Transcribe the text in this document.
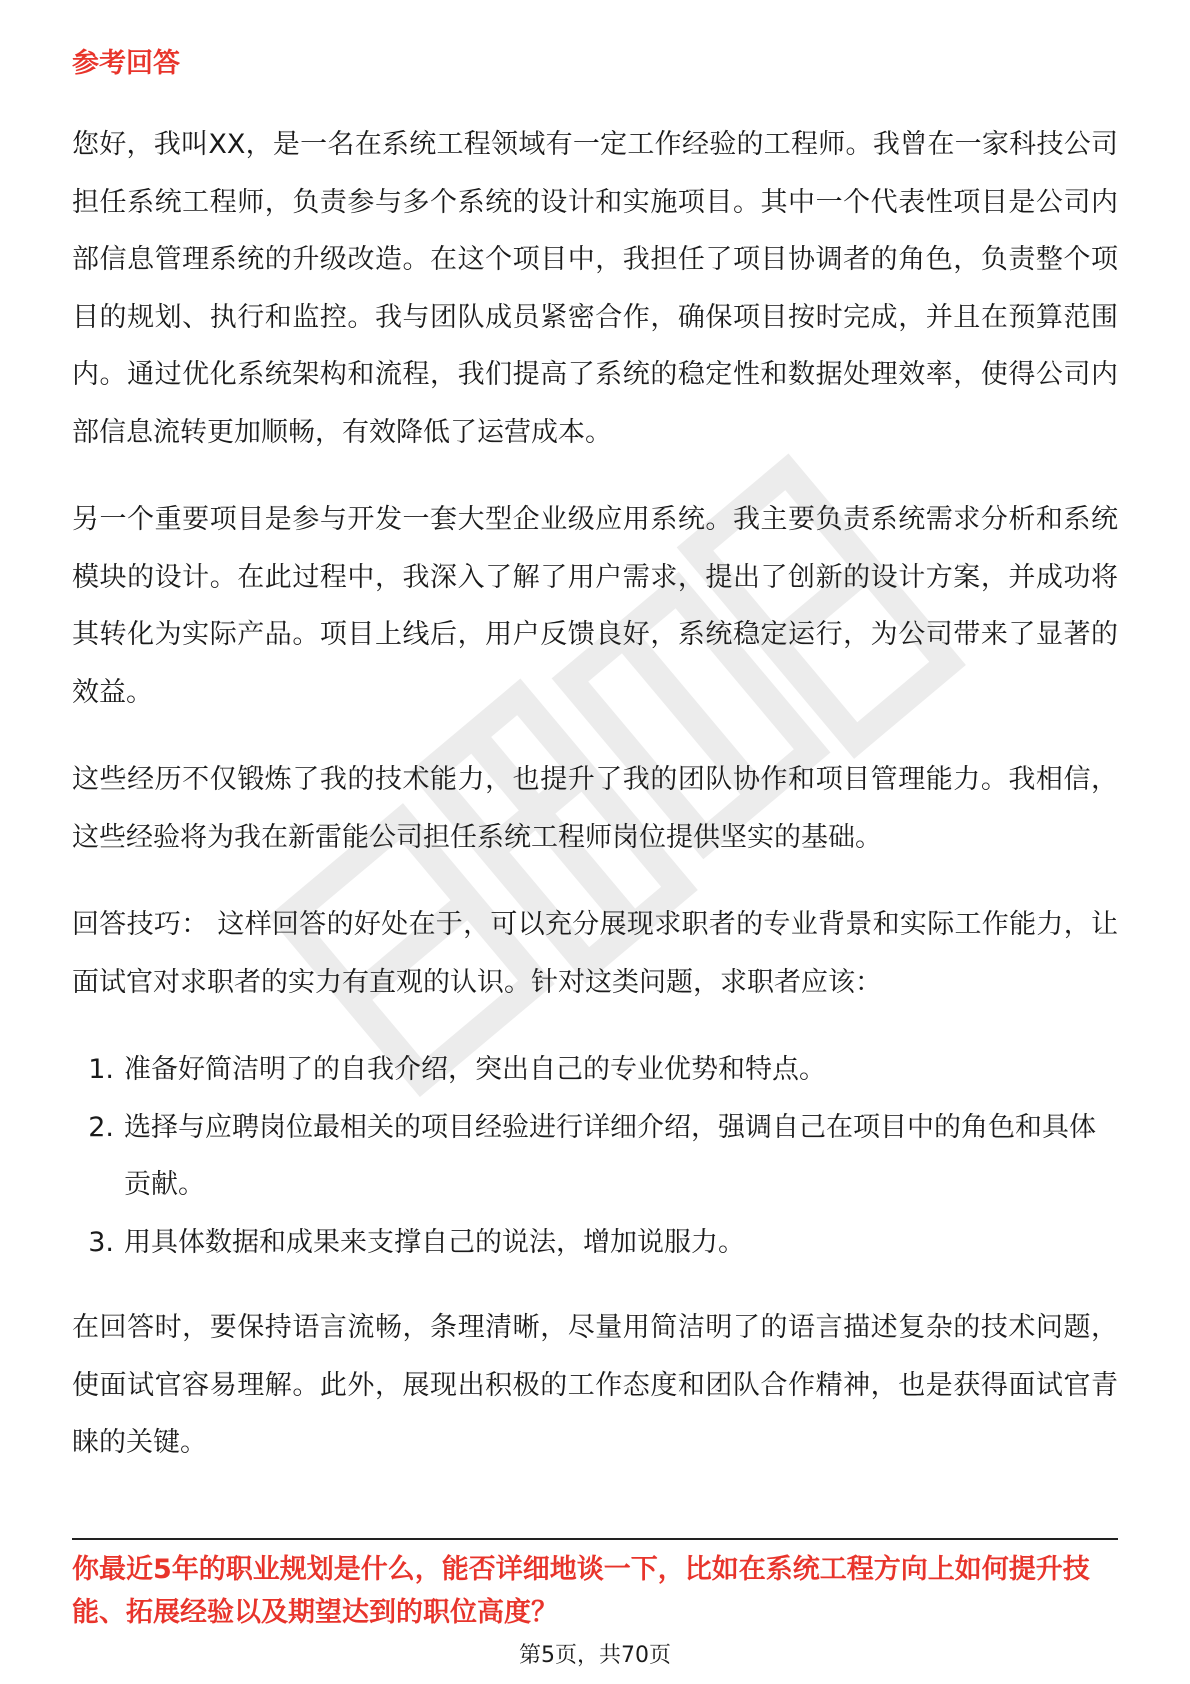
参考回答

您好，我叫XX，是一名在系统工程领域有一定工作经验的工程师。我曾在一家科技公司担任系统工程师，负责参与多个系统的设计和实施项目。其中一个代表性项目是公司内部信息管理系统的升级改造。在这个项目中，我担任了项目协调者的角色，负责整个项目的规划、执行和监控。我与团队成员紧密合作，确保项目按时完成，并且在预算范围内。通过优化系统架构和流程，我们提高了系统的稳定性和数据处理效率，使得公司内部信息流转更加顺畅，有效降低了运营成本。

另一个重要项目是参与开发一套大型企业级应用系统。我主要负责系统需求分析和系统模块的设计。在此过程中，我深入了解了用户需求，提出了创新的设计方案，并成功将其转化为实际产品。项目上线后，用户反馈良好，系统稳定运行，为公司带来了显著的效益。

这些经历不仅锻炼了我的技术能力，也提升了我的团队协作和项目管理能力。我相信，这些经验将为我在新雷能公司担任系统工程师岗位提供坚实的基础。

回答技巧： 这样回答的好处在于，可以充分展现求职者的专业背景和实际工作能力，让面试官对求职者的实力有直观的认识。针对这类问题，求职者应该：

1. 准备好简洁明了的自我介绍，突出自己的专业优势和特点。
2. 选择与应聘岗位最相关的项目经验进行详细介绍，强调自己在项目中的角色和具体贡献。
3. 用具体数据和成果来支撑自己的说法，增加说服力。

在回答时，要保持语言流畅，条理清晰，尽量用简洁明了的语言描述复杂的技术问题，使面试官容易理解。此外，展现出积极的工作态度和团队合作精神，也是获得面试官青睐的关键。

你最近5年的职业规划是什么，能否详细地谈一下，比如在系统工程方向上如何提升技能、拓展经验以及期望达到的职位高度？
第5页，共70页
